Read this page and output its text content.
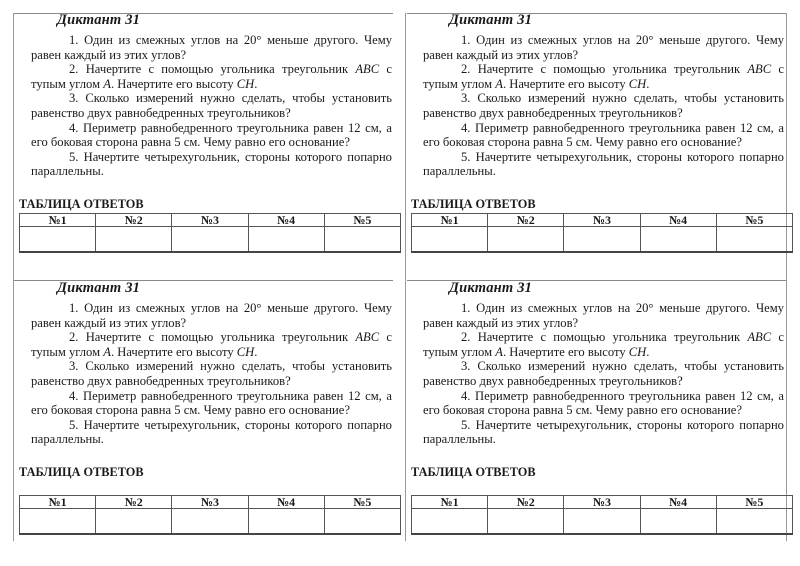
Диктант 31

1. Один из смежных углов на 20° меньше другого. Чему равен каждый из этих углов?

2. Начертите с помощью угольника треугольник ABC с тупым углом A. Начертите его высоту CH.

3. Сколько измерений нужно сделать, чтобы установить равенство двух равнобедренных треугольников?

4. Периметр равнобедренного треугольника равен 12 см, а его боковая сторона равна 5 см. Чему равно его основание?

5. Начертите четырехугольник, стороны которого попарно параллельны.

ТАБЛИЦА ОТВЕТОВ
№1	№2	№3	№4	№5

Диктант 31

1. Один из смежных углов на 20° меньше другого. Чему равен каждый из этих углов?

2. Начертите с помощью угольника треугольник ABC с тупым углом A. Начертите его высоту CH.

3. Сколько измерений нужно сделать, чтобы установить равенство двух равнобедренных треугольников?

4. Периметр равнобедренного треугольника равен 12 см, а его боковая сторона равна 5 см. Чему равно его основание?

5. Начертите четырехугольник, стороны которого попарно параллельны.

ТАБЛИЦА ОТВЕТОВ
№1	№2	№3	№4	№5

Диктант 31

1. Один из смежных углов на 20° меньше другого. Чему равен каждый из этих углов?

2. Начертите с помощью угольника треугольник ABC с тупым углом A. Начертите его высоту CH.

3. Сколько измерений нужно сделать, чтобы установить равенство двух равнобедренных треугольников?

4. Периметр равнобедренного треугольника равен 12 см, а его боковая сторона равна 5 см. Чему равно его основание?

5. Начертите четырехугольник, стороны которого попарно параллельны.

ТАБЛИЦА ОТВЕТОВ
№1	№2	№3	№4	№5

Диктант 31

1. Один из смежных углов на 20° меньше другого. Чему равен каждый из этих углов?

2. Начертите с помощью угольника треугольник ABC с тупым углом A. Начертите его высоту CH.

3. Сколько измерений нужно сделать, чтобы установить равенство двух равнобедренных треугольников?

4. Периметр равнобедренного треугольника равен 12 см, а его боковая сторона равна 5 см. Чему равно его основание?

5. Начертите четырехугольник, стороны которого попарно параллельны.

ТАБЛИЦА ОТВЕТОВ
№1	№2	№3	№4	№5
